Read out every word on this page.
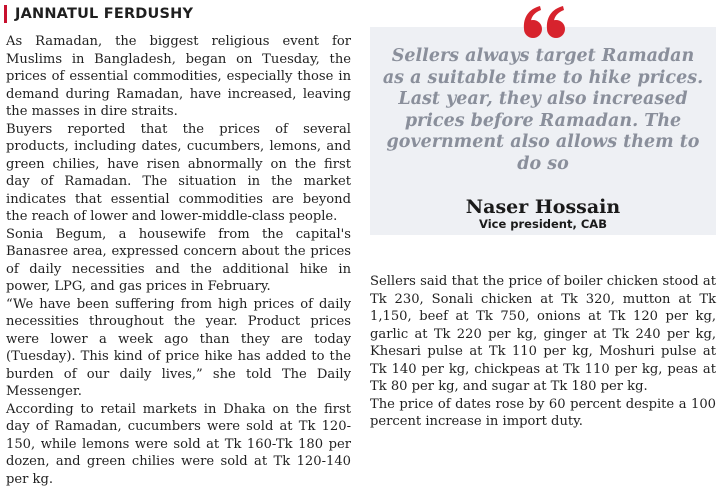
JANNATUL FERDUSHY

As Ramadan, the biggest religious event for Muslims in Bangladesh, began on Tuesday, the prices of essential commodities, especially those in demand during Ramadan, have increased, leaving the masses in dire straits.

Buyers reported that the prices of several products, including dates, cucumbers, lemons, and green chilies, have risen abnormally on the first day of Ramadan. The situation in the market indicates that essential commodities are beyond the reach of lower and lower-middle-class people.

Sonia Begum, a housewife from the capital's Banasree area, expressed concern about the prices of daily necessities and the additional hike in power, LPG, and gas prices in February.

“We have been suffering from high prices of daily necessities throughout the year. Product prices were lower a week ago than they are today (Tuesday). This kind of price hike has added to the burden of our daily lives,” she told The Daily Messenger.

According to retail markets in Dhaka on the first day of Ramadan, cucumbers were sold at Tk 120-150, while lemons were sold at Tk 160-Tk 180 per dozen, and green chilies were sold at Tk 120-140 per kg.

Sellers always target Ramadan as a suitable time to hike prices. Last year, they also increased prices before Ramadan. The government also allows them to do so
Naser Hossain
Vice president, CAB

Sellers said that the price of boiler chicken stood at Tk 230, Sonali chicken at Tk 320, mutton at Tk 1,150, beef at Tk 750, onions at Tk 120 per kg, garlic at Tk 220 per kg, ginger at Tk 240 per kg, Khesari pulse at Tk 110 per kg, Moshuri pulse at Tk 140 per kg, chickpeas at Tk 110 per kg, peas at Tk 80 per kg, and sugar at Tk 180 per kg.

The price of dates rose by 60 percent despite a 100 percent increase in import duty.
